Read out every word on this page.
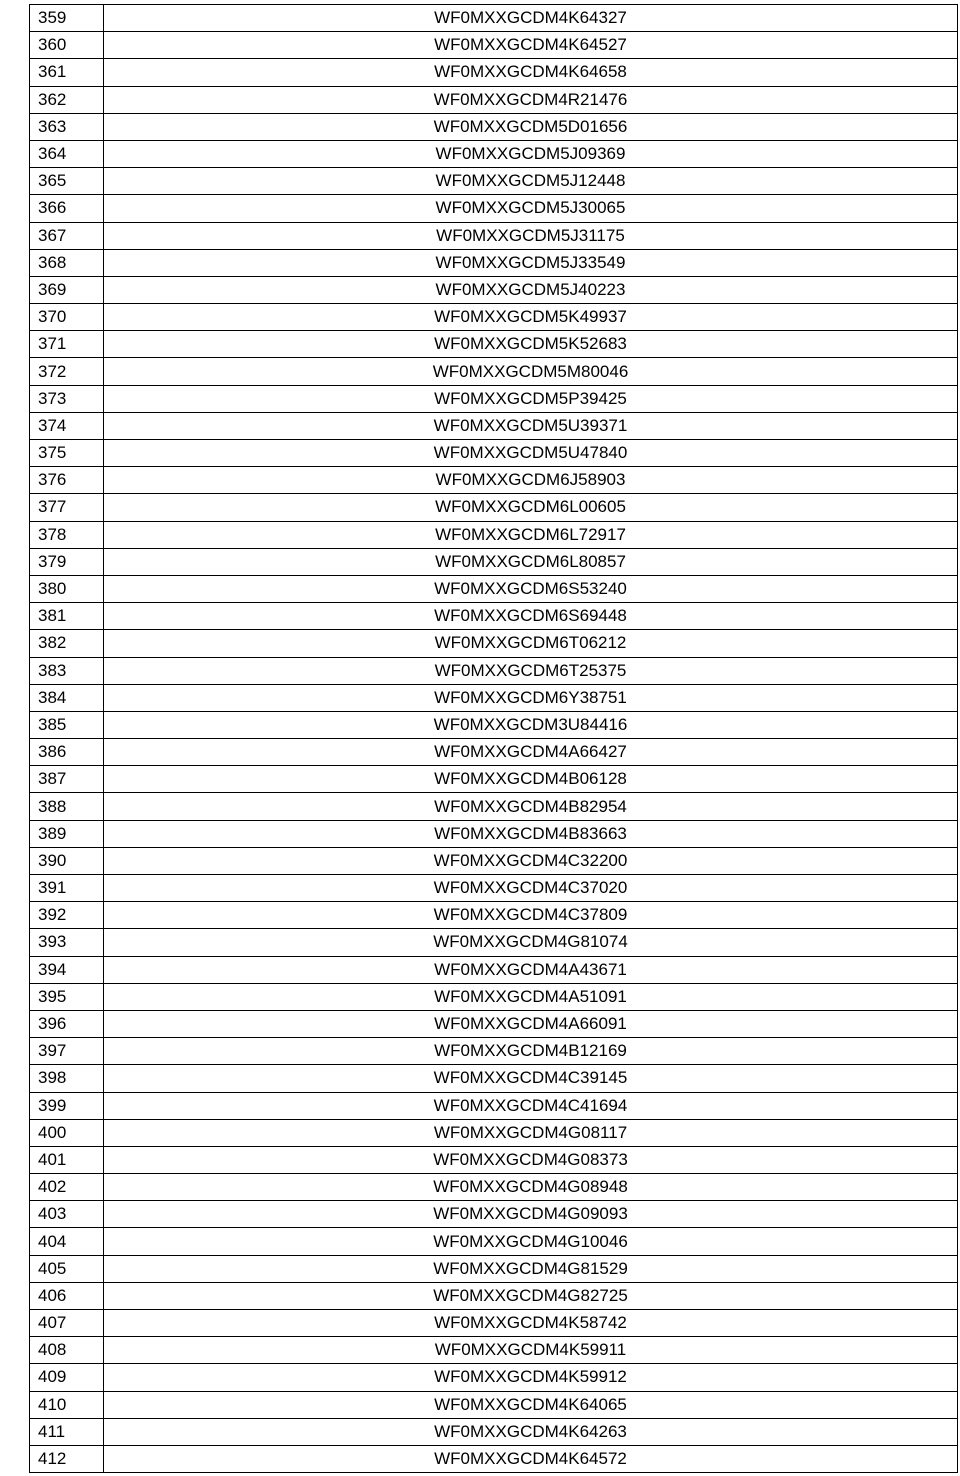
359	WF0MXXGCDM4K64327
360	WF0MXXGCDM4K64527
361	WF0MXXGCDM4K64658
362	WF0MXXGCDM4R21476
363	WF0MXXGCDM5D01656
364	WF0MXXGCDM5J09369
365	WF0MXXGCDM5J12448
366	WF0MXXGCDM5J30065
367	WF0MXXGCDM5J31175
368	WF0MXXGCDM5J33549
369	WF0MXXGCDM5J40223
370	WF0MXXGCDM5K49937
371	WF0MXXGCDM5K52683
372	WF0MXXGCDM5M80046
373	WF0MXXGCDM5P39425
374	WF0MXXGCDM5U39371
375	WF0MXXGCDM5U47840
376	WF0MXXGCDM6J58903
377	WF0MXXGCDM6L00605
378	WF0MXXGCDM6L72917
379	WF0MXXGCDM6L80857
380	WF0MXXGCDM6S53240
381	WF0MXXGCDM6S69448
382	WF0MXXGCDM6T06212
383	WF0MXXGCDM6T25375
384	WF0MXXGCDM6Y38751
385	WF0MXXGCDM3U84416
386	WF0MXXGCDM4A66427
387	WF0MXXGCDM4B06128
388	WF0MXXGCDM4B82954
389	WF0MXXGCDM4B83663
390	WF0MXXGCDM4C32200
391	WF0MXXGCDM4C37020
392	WF0MXXGCDM4C37809
393	WF0MXXGCDM4G81074
394	WF0MXXGCDM4A43671
395	WF0MXXGCDM4A51091
396	WF0MXXGCDM4A66091
397	WF0MXXGCDM4B12169
398	WF0MXXGCDM4C39145
399	WF0MXXGCDM4C41694
400	WF0MXXGCDM4G08117
401	WF0MXXGCDM4G08373
402	WF0MXXGCDM4G08948
403	WF0MXXGCDM4G09093
404	WF0MXXGCDM4G10046
405	WF0MXXGCDM4G81529
406	WF0MXXGCDM4G82725
407	WF0MXXGCDM4K58742
408	WF0MXXGCDM4K59911
409	WF0MXXGCDM4K59912
410	WF0MXXGCDM4K64065
411	WF0MXXGCDM4K64263
412	WF0MXXGCDM4K64572
